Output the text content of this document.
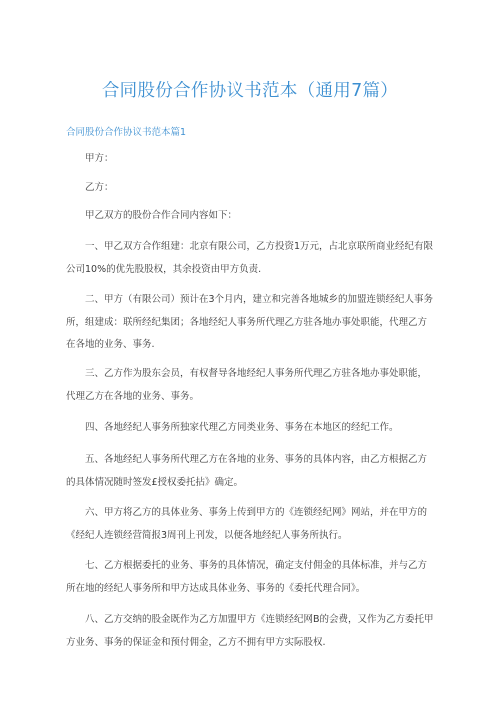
合同股份合作协议书范本（通用7篇）
合同股份合作协议书范本篇1
甲方：
乙方：
甲乙双方的股份合作合同内容如下：
一、甲乙双方合作组建：北京有限公司，乙方投资1万元，占北京联所商业经纪有限公司10%的优先股股权，其余投资由甲方负责.
二、甲方（有限公司）预计在3个月内，建立和完善各地城乡的加盟连锁经纪人事务所，组建成：联所经纪集团；各地经纪人事务所代理乙方驻各地办事处职能，代理乙方在各地的业务、事务.
三、乙方作为股东会员，有权督导各地经纪人事务所代理乙方驻各地办事处职能，代理乙方在各地的业务、事务。
四、各地经纪人事务所独家代理乙方同类业务、事务在本地区的经纪工作。
五、各地经纪人事务所代理乙方在各地的业务、事务的具体内容，由乙方根据乙方的具体情况随时签发£授权委托拈》确定。
六、甲方将乙方的具体业务、事务上传到甲方的《连锁经纪网》网站，并在甲方的《经纪人连锁经营简报3周刊上刊发，以便各地经纪人事务所执行。
七、乙方根据委托的业务、事务的具体情况，确定支付佣金的具体标准，并与乙方所在地的经纪人事务所和甲方达成具体业务、事务的《委托代理合同》。
八、乙方交纳的股金既作为乙方加盟甲方《连锁经纪网B的会费，又作为乙方委托甲方业务、事务的保证金和预付佣金，乙方不拥有甲方实际股权.
